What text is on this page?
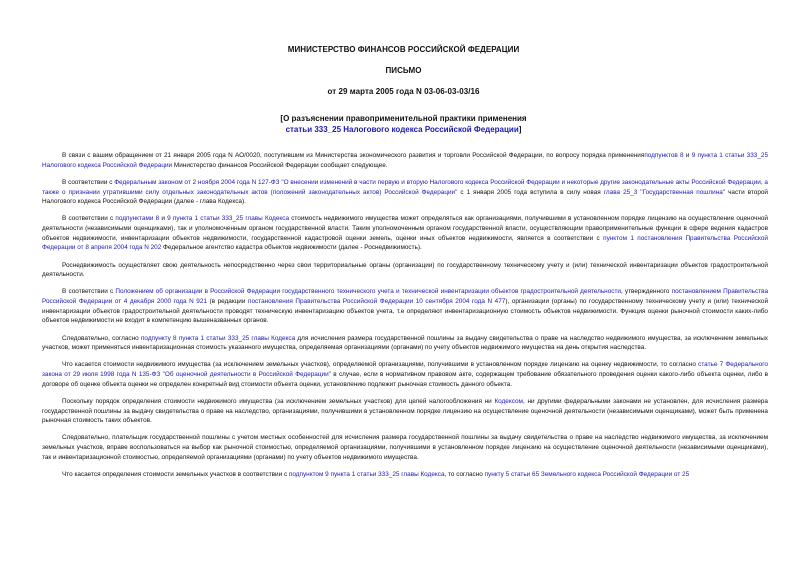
МИНИСТЕРСТВО ФИНАНСОВ РОССИЙСКОЙ ФЕДЕРАЦИИ
ПИСЬМО
от 29 марта 2005 года N 03-06-03-03/16
[О разъяснении правоприменительной практики применения
статьи 333_25 Налогового кодекса Российской Федерации]

В связи с вашим обращением от 21 января 2005 года N АО/0020, поступившим из Министерства экономического развития и торговли Российской Федерации, по вопросу порядка примененияподпунктов 8 и 9 пункта 1 статьи 333_25 Налогового кодекса Российской Федерации Министерство финансов Российской Федерации сообщает следующее.

В соответствии с Федеральным законом от 2 ноября 2004 года N 127-ФЗ "О внесении изменений в части первую и вторую Налогового кодекса Российской Федерации и некоторые другие законодательные акты Российской Федерации, а также о признании утратившими силу отдельных законодательных актов (положений законодательных актов) Российской Федерации" с 1 января 2005 года вступила в силу новая глава 25_3 "Государственная пошлина" части второй Налогового кодекса Российской Федерации (далее - глава Кодекса).

В соответствии с подпунктами 8 и 9 пункта 1 статьи 333_25 главы Кодекса стоимость недвижимого имущества может определяться как организациями, получившими в установленном порядке лицензию на осуществление оценочной деятельности (независимыми оценщиками), так и уполномоченным органом государственной власти. Таким уполномоченным органом государственной власти, осуществляющим правоприменительные функции в сфере ведения кадастров объектов недвижимости, инвентаризации объектов недвижимости, государственной кадастровой оценки земель, оценки иных объектов недвижимости, является в соответствии с пунктом 1 постановления Правительства Российской Федерации от 8 апреля 2004 года N 202 Федеральное агентство кадастра объектов недвижимости (далее - Роснедвижимость).

Роснедвижимость осуществляет свою деятельность непосредственно через свои территориальные органы (организации) по государственному техническому учету и (или) технической инвентаризации объектов градостроительной деятельности.

В соответствии с Положением об организации в Российской Федерации государственного технического учета и технической инвентаризации объектов градостроительной деятельности, утвержденного постановлением Правительства Российской Федерации от 4 декабря 2000 года N 921 (в редакции постановления Правительства Российской Федерации 10 сентября 2004 года N 477), организации (органы) по государственному техническому учету и (или) технической инвентаризации объектов градостроительной деятельности проводят техническую инвентаризацию объектов учета, т.е определяют инвентаризационную стоимость объектов недвижимости. Функция оценки рыночной стоимости каких-либо объектов недвижимости не входит в компетенцию вышеназванных органов.

Следовательно, согласно подпункту 8 пункта 1 статьи 333_25 главы Кодекса для исчисления размера государственной пошлины за выдачу свидетельства о праве на наследство недвижимого имущества, за исключением земельных участков, может применяться инвентаризационная стоимость указанного имущества, определяемая организациями (органами) по учету объектов недвижимого имущества на день открытия наследства.

Что касается стоимости недвижимого имущества (за исключением земельных участков), определяемой организациями, получившими в установленном порядке лицензию на оценку недвижимости, то согласно статье 7 Федерального закона от 29 июля 1998 года N 135-ФЗ "Об оценочной деятельности в Российской Федерации" в случае, если в нормативном правовом акте, содержащем требование обязательного проведения оценки какого-либо объекта оценки, либо в договоре об оценке объекта оценки не определен конкретный вид стоимости объекта оценки, установлению подлежит рыночная стоимость данного объекта.

Поскольку порядок определения стоимости недвижимого имущества (за исключением земельных участков) для целей налогообложения ни Кодексом, ни другими федеральными законами не установлен, для исчисления размера государственной пошлины за выдачу свидетельства о праве на наследство, организациями, получившими в установленном порядке лицензию на осуществление оценочной деятельности (независимыми оценщиками), может быть применена рыночная стоимость таких объектов.

Следовательно, плательщик государственной пошлины с учетом местных особенностей для исчисления размера государственной пошлины за выдачу свидетельства о праве на наследство недвижимого имущества, за исключением земельных участков, вправе воспользоваться на выбор как рыночной стоимостью, определяемой организациями, получившими в установленном порядке лицензию на осуществление оценочной деятельности (независимыми оценщиками), так и инвентаризационной стоимостью, определяемой организациями (органами) по учету объектов недвижимого имущества.

Что касается определения стоимости земельных участков в соответствии с подпунктом 9 пункта 1 статьи 333_25 главы Кодекса, то согласно пункту 5 статьи 65 Земельного кодекса Российской Федерации от 25
